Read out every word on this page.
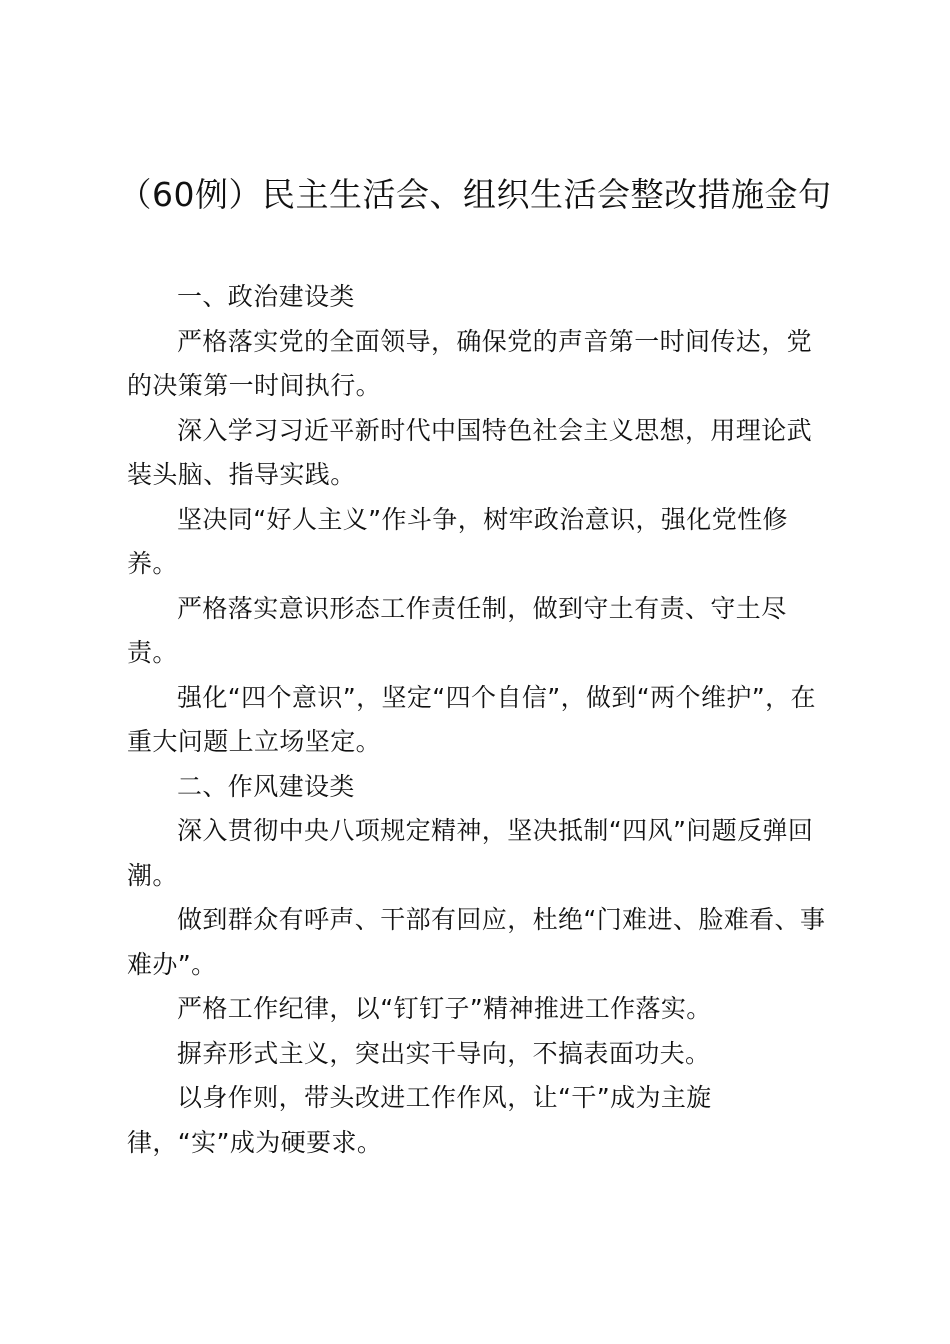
（60例）民主生活会、组织生活会整改措施金句

一、政治建设类

严格落实党的全面领导，确保党的声音第一时间传达，党的决策第一时间执行。

深入学习习近平新时代中国特色社会主义思想，用理论武装头脑、指导实践。

坚决同“好人主义”作斗争，树牢政治意识，强化党性修养。

严格落实意识形态工作责任制，做到守土有责、守土尽责。

强化“四个意识”，坚定“四个自信”，做到“两个维护”，在重大问题上立场坚定。

二、作风建设类

深入贯彻中央八项规定精神，坚决抵制“四风”问题反弹回潮。

做到群众有呼声、干部有回应，杜绝“门难进、脸难看、事难办”。

严格工作纪律，以“钉钉子”精神推进工作落实。

摒弃形式主义，突出实干导向，不搞表面功夫。

以身作则，带头改进工作作风，让“干”成为主旋律，“实”成为硬要求。
